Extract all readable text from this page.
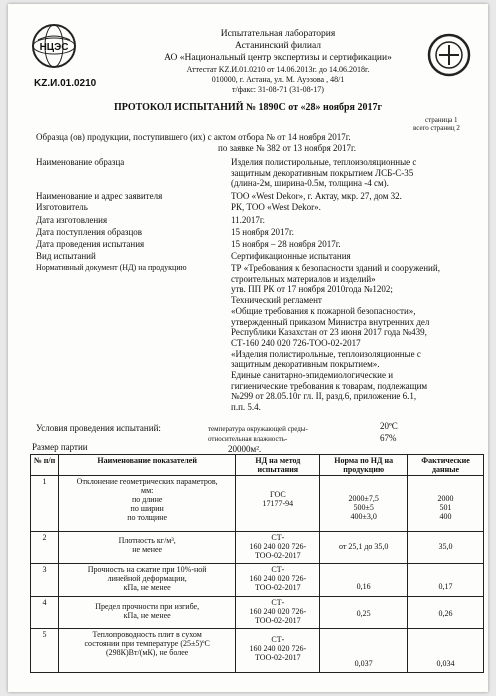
НЦЭС
Испытательная лаборатория
Астанинский филиал
АО «Национальный центр экспертизы и сертификации»
Аттестат KZ.И.01.0210 от 14.06.2013г. до 14.06.2018г.
010000, г. Астана, ул. М. Ауэзова , 48/1
т/факс: 31-08-71 (31-08-17)
KZ.И.01.0210
ПРОТОКОЛ ИСПЫТАНИЙ № 1890С от «28» ноября 2017г
страница 1
всего страниц 2
Образца (ов) продукции, поступившего (их) с актом отбора № от 14 ноября 2017г.
по заявке № 382 от 13 ноября 2017г.
Наименование образца	Изделия полистирольные, теплоизоляционные с
защитным декоративным покрытием ЛСБ-С-35
(длина-2м, ширина-0.5м, толщина -4 см).
Наименование и адрес заявителя	ТОО «West Dekor», г. Актау, мкр. 27, дом 32.
Изготовитель	РК, ТОО «West Dekor».
Дата изготовления	11.2017г.
Дата поступления образцов	15 ноября 2017г.
Дата проведения испытания	15 ноября – 28 ноября 2017г.
Вид испытаний	Сертификационные испытания
Нормативный документ (НД) на продукцию	ТР «Требования к безопасности зданий и сооружений,
строительных материалов и изделий»
утв. ПП РК от 17 ноября 2010года №1202;
Технический регламент
«Общие требования к пожарной безопасности»,
утвержденный приказом Министра внутренних дел
Республики Казахстан от 23 июня 2017 года №439,
СТ-160 240 020 726-ТОО-02-2017
«Изделия полистирольные, теплоизоляционные с
защитным декоративным покрытием».
Единые санитарно-эпидемиологические и
гигиенические требования к товарам, подлежащим
№299 от 28.05.10г гл. II, разд.6, приложение 6.1,
п.п. 5.4.
Условия проведения испытаний:	температура окружающей среды-	20ºС
относительная влажность-	67%
Размер партии	20000м².
№ п/п	Наименование показателей	НД на метод испытания	Норма по НД на продукцию	Фактические данные
1	Отклонение геометрических параметров,
мм:
по длине
по ширин
по толщине	ГОС
17177-94	2000±7,5
500±5
400±3,0	2000
501
400

2	Плотность кг/м³,
не менее	СТ-
160 240 020 726-
ТОО-02-2017	от 25,1 до 35,0	35,0
3	Прочность на сжатие при 10%-ной
линейной деформации,
кПа, не менее	СТ-
160 240 020 726-
ТОО-02-2017	0,16	0,17
4	Предел прочности при изгибе,
кПа, не менее	СТ-
160 240 020 726-
ТОО-02-2017	0,25	0,26
5	Теплопроводность плит в сухом
состоянии при температуре (25±5)ºС
(298К)Вт/(мК), не более	СТ-
160 240 020 726-
ТОО-02-2017	0,037	0,034
